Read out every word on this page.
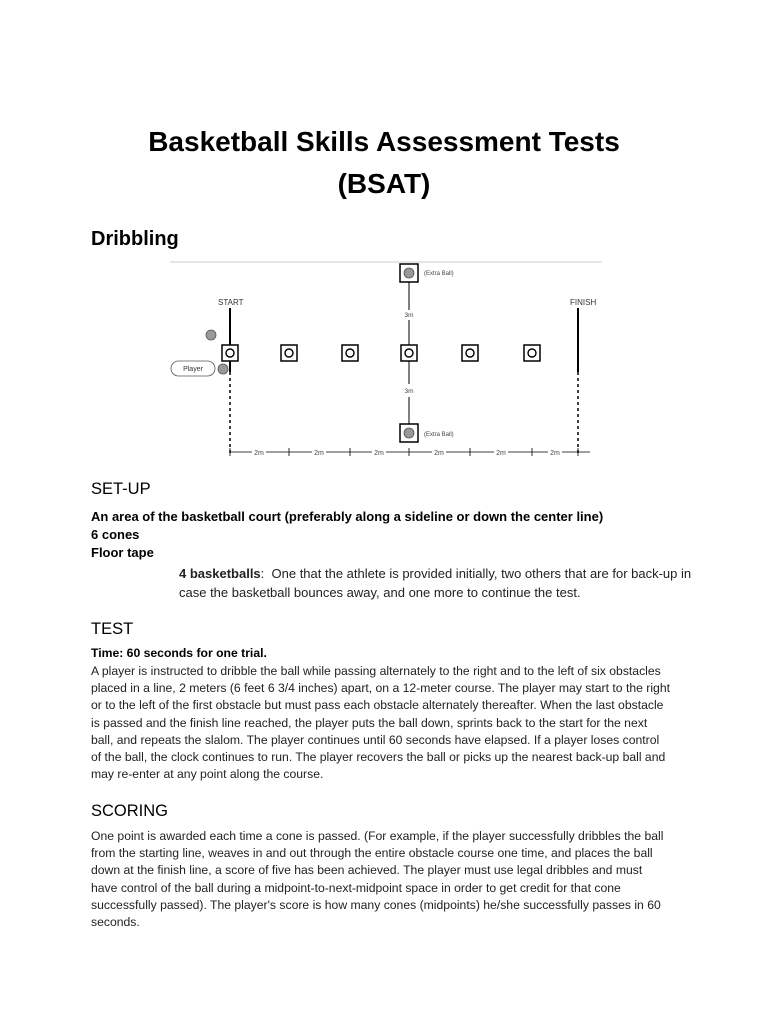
Basketball Skills Assessment Tests
(BSAT)
Dribbling
(Extra Ball)
(Extra Ball)
3m
3m
START	FINISH
Player
2m	2m	2m	2m	2m	2m
SET-UP
An area of the basketball court (preferably along a sideline or down the center line)
6 cones
Floor tape
4 basketballs: One that the athlete is provided initially, two others that are for back-up in case the basketball bounces away, and one more to continue the test.
TEST
Time: 60 seconds for one trial.
A player is instructed to dribble the ball while passing alternately to the right and to the left of six obstacles placed in a line, 2 meters (6 feet 6 3/4 inches) apart, on a 12-meter course. The player may start to the right or to the left of the first obstacle but must pass each obstacle alternately thereafter. When the last obstacle is passed and the finish line reached, the player puts the ball down, sprints back to the start for the next ball, and repeats the slalom. The player continues until 60 seconds have elapsed. If a player loses control of the ball, the clock continues to run. The player recovers the ball or picks up the nearest back-up ball and may re-enter at any point along the course.
SCORING
One point is awarded each time a cone is passed. (For example, if the player successfully dribbles the ball from the starting line, weaves in and out through the entire obstacle course one time, and places the ball down at the finish line, a score of five has been achieved. The player must use legal dribbles and must have control of the ball during a midpoint-to-next-midpoint space in order to get credit for that cone successfully passed). The player's score is how many cones (midpoints) he/she successfully passes in 60 seconds.
